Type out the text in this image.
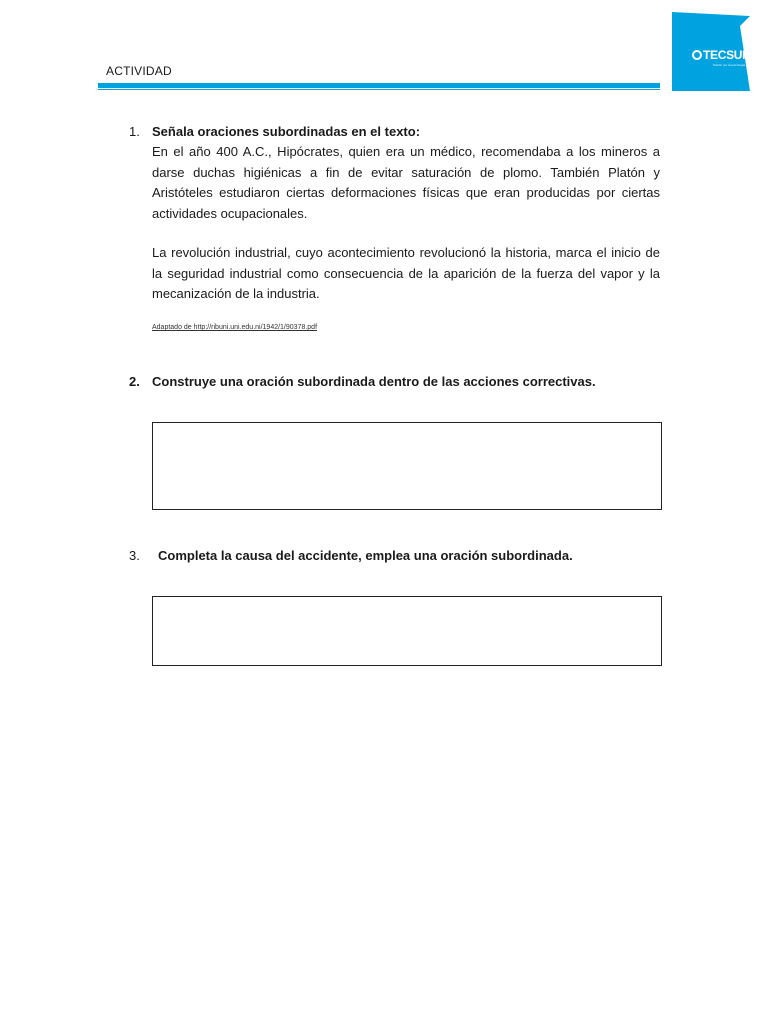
ACTIVIDAD
TECSUP
Pasión por la tecnología
1. Señala oraciones subordinadas en el texto:
En el año 400 A.C., Hipócrates, quien era un médico, recomendaba a los mineros a darse duchas higiénicas a fin de evitar saturación de plomo. También Platón y Aristóteles estudiaron ciertas deformaciones físicas que eran producidas por ciertas actividades ocupacionales.
La revolución industrial, cuyo acontecimiento revolucionó la historia, marca el inicio de la seguridad industrial como consecuencia de la aparición de la fuerza del vapor y la mecanización de la industria.
Adaptado de http://ribuni.uni.edu.ni/1942/1/90378.pdf
2. Construye una oración subordinada dentro de las acciones correctivas.
3. Completa la causa del accidente, emplea una oración subordinada.
